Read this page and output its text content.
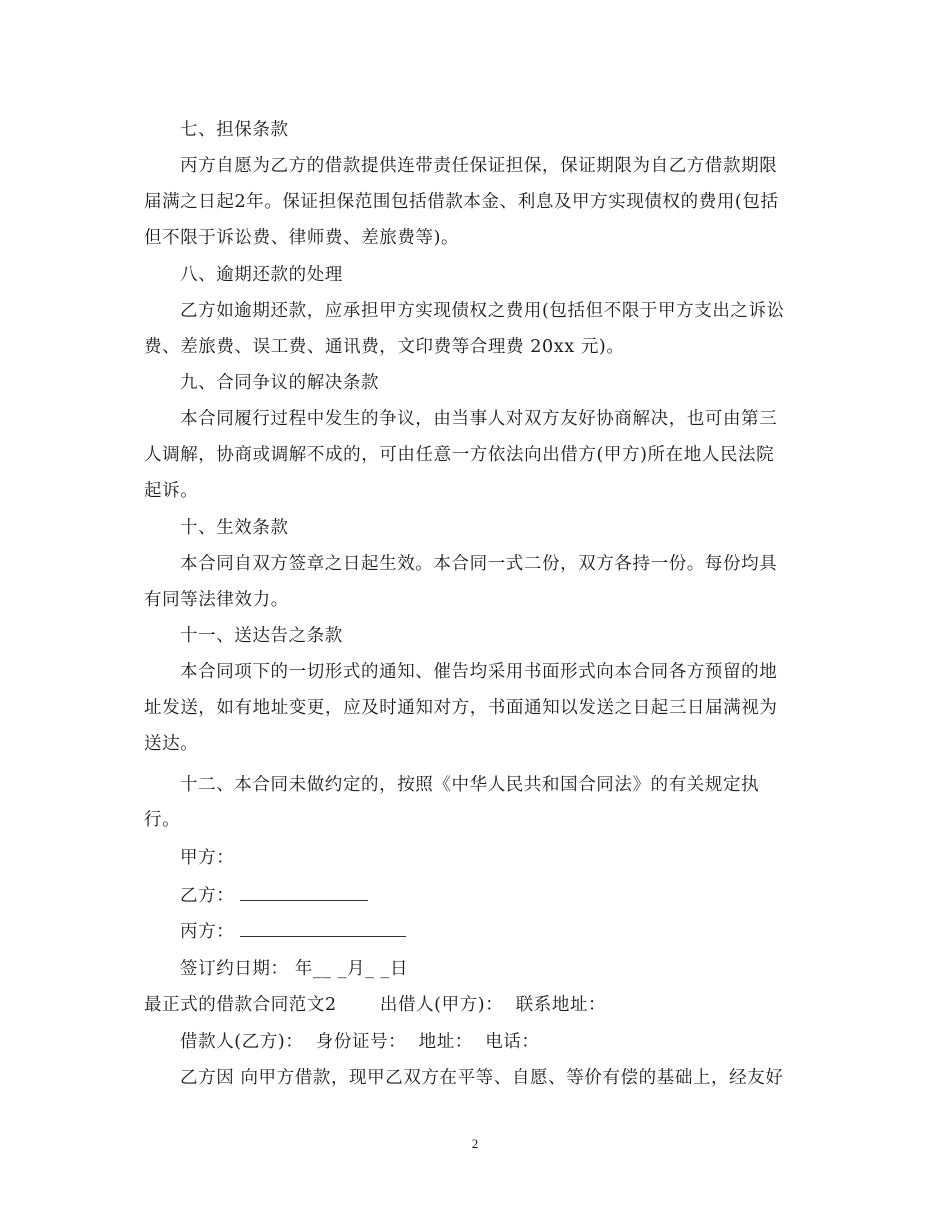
七、担保条款
丙方自愿为乙方的借款提供连带责任保证担保，保证期限为自乙方借款期限
届满之日起2年。保证担保范围包括借款本金、利息及甲方实现债权的费用(包括
但不限于诉讼费、律师费、差旅费等)。
八、逾期还款的处理
乙方如逾期还款，应承担甲方实现债权之费用(包括但不限于甲方支出之诉讼
费、差旅费、误工费、通讯费，文印费等合理费 20xx 元)。
九、合同争议的解决条款
本合同履行过程中发生的争议，由当事人对双方友好协商解决，也可由第三
人调解，协商或调解不成的，可由任意一方依法向出借方(甲方)所在地人民法院
起诉。
十、生效条款
本合同自双方签章之日起生效。本合同一式二份，双方各持一份。每份均具
有同等法律效力。
十一、送达告之条款
本合同项下的一切形式的通知、催告均采用书面形式向本合同各方预留的地
址发送，如有地址变更，应及时通知对方，书面通知以发送之日起三日届满视为
送达。
十二、本合同未做约定的，按照《中华人民共和国合同法》的有关规定执
行。
甲方：
乙方：
丙方：
签订约日期： 年__ _月_ _日
最正式的借款合同范文2       出借人(甲方)：  联系地址：
借款人(乙方)：  身份证号：  地址：  电话：
乙方因 向甲方借款，现甲乙双方在平等、自愿、等价有偿的基础上，经友好
2
